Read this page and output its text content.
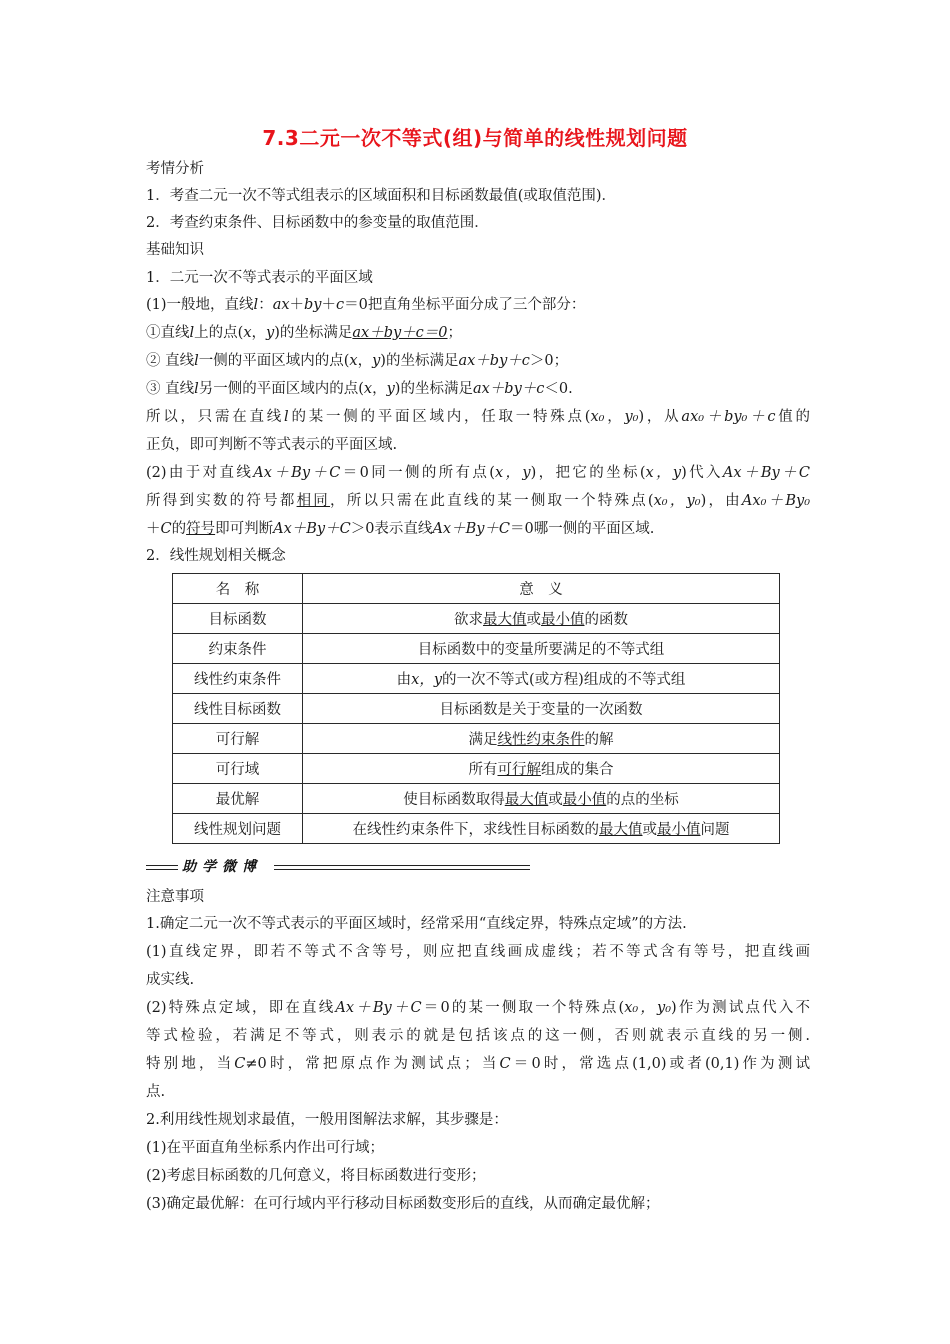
7.3二元一次不等式(组)与简单的线性规划问题
考情分析
1．考查二元一次不等式组表示的区域面积和目标函数最值(或取值范围)．
2．考查约束条件、目标函数中的参变量的取值范围．
基础知识
1．二元一次不等式表示的平面区域
(1)一般地，直线l：ax＋by＋c＝0把直角坐标平面分成了三个部分：
①直线l上的点(x，y)的坐标满足ax＋by＋c＝0；
② 直线l一侧的平面区域内的点(x，y)的坐标满足ax＋by＋c＞0；
③ 直线l另一侧的平面区域内的点(x，y)的坐标满足ax＋by＋c＜0.
所以，只需在直线l的某一侧的平面区域内，任取一特殊点(x₀，y₀)，从ax₀＋by₀＋c值的
正负，即可判断不等式表示的平面区域.
(2)由于对直线Ax＋By＋C＝0同一侧的所有点(x，y)，把它的坐标(x，y)代入Ax＋By＋C
所得到实数的符号都相同，所以只需在此直线的某一侧取一个特殊点(x₀，y₀)，由Ax₀＋By₀
＋C的符号即可判断Ax＋By＋C＞0表示直线Ax＋By＋C＝0哪一侧的平面区域.
2．线性规划相关概念
名　称	意　义
目标函数	欲求最大值或最小值的函数
约束条件	目标函数中的变量所要满足的不等式组
线性约束条件	由x，y的一次不等式(或方程)组成的不等式组
线性目标函数	目标函数是关于变量的一次函数
可行解	满足线性约束条件的解
可行域	所有可行解组成的集合
最优解	使目标函数取得最大值或最小值的点的坐标
线性规划问题	在线性约束条件下，求线性目标函数的最大值或最小值问题
助学微博
注意事项
1.确定二元一次不等式表示的平面区域时，经常采用“直线定界，特殊点定域”的方法.
(1)直线定界，即若不等式不含等号，则应把直线画成虚线；若不等式含有等号，把直线画
成实线.
(2)特殊点定域，即在直线Ax＋By＋C＝0的某一侧取一个特殊点(x₀，y₀)作为测试点代入不
等式检验，若满足不等式，则表示的就是包括该点的这一侧，否则就表示直线的另一侧.
特别地，当C≠0时，常把原点作为测试点；当C＝0时，常选点(1,0)或者(0,1)作为测试
点.
2.利用线性规划求最值，一般用图解法求解，其步骤是：
(1)在平面直角坐标系内作出可行域；
(2)考虑目标函数的几何意义，将目标函数进行变形；
(3)确定最优解：在可行域内平行移动目标函数变形后的直线，从而确定最优解；
